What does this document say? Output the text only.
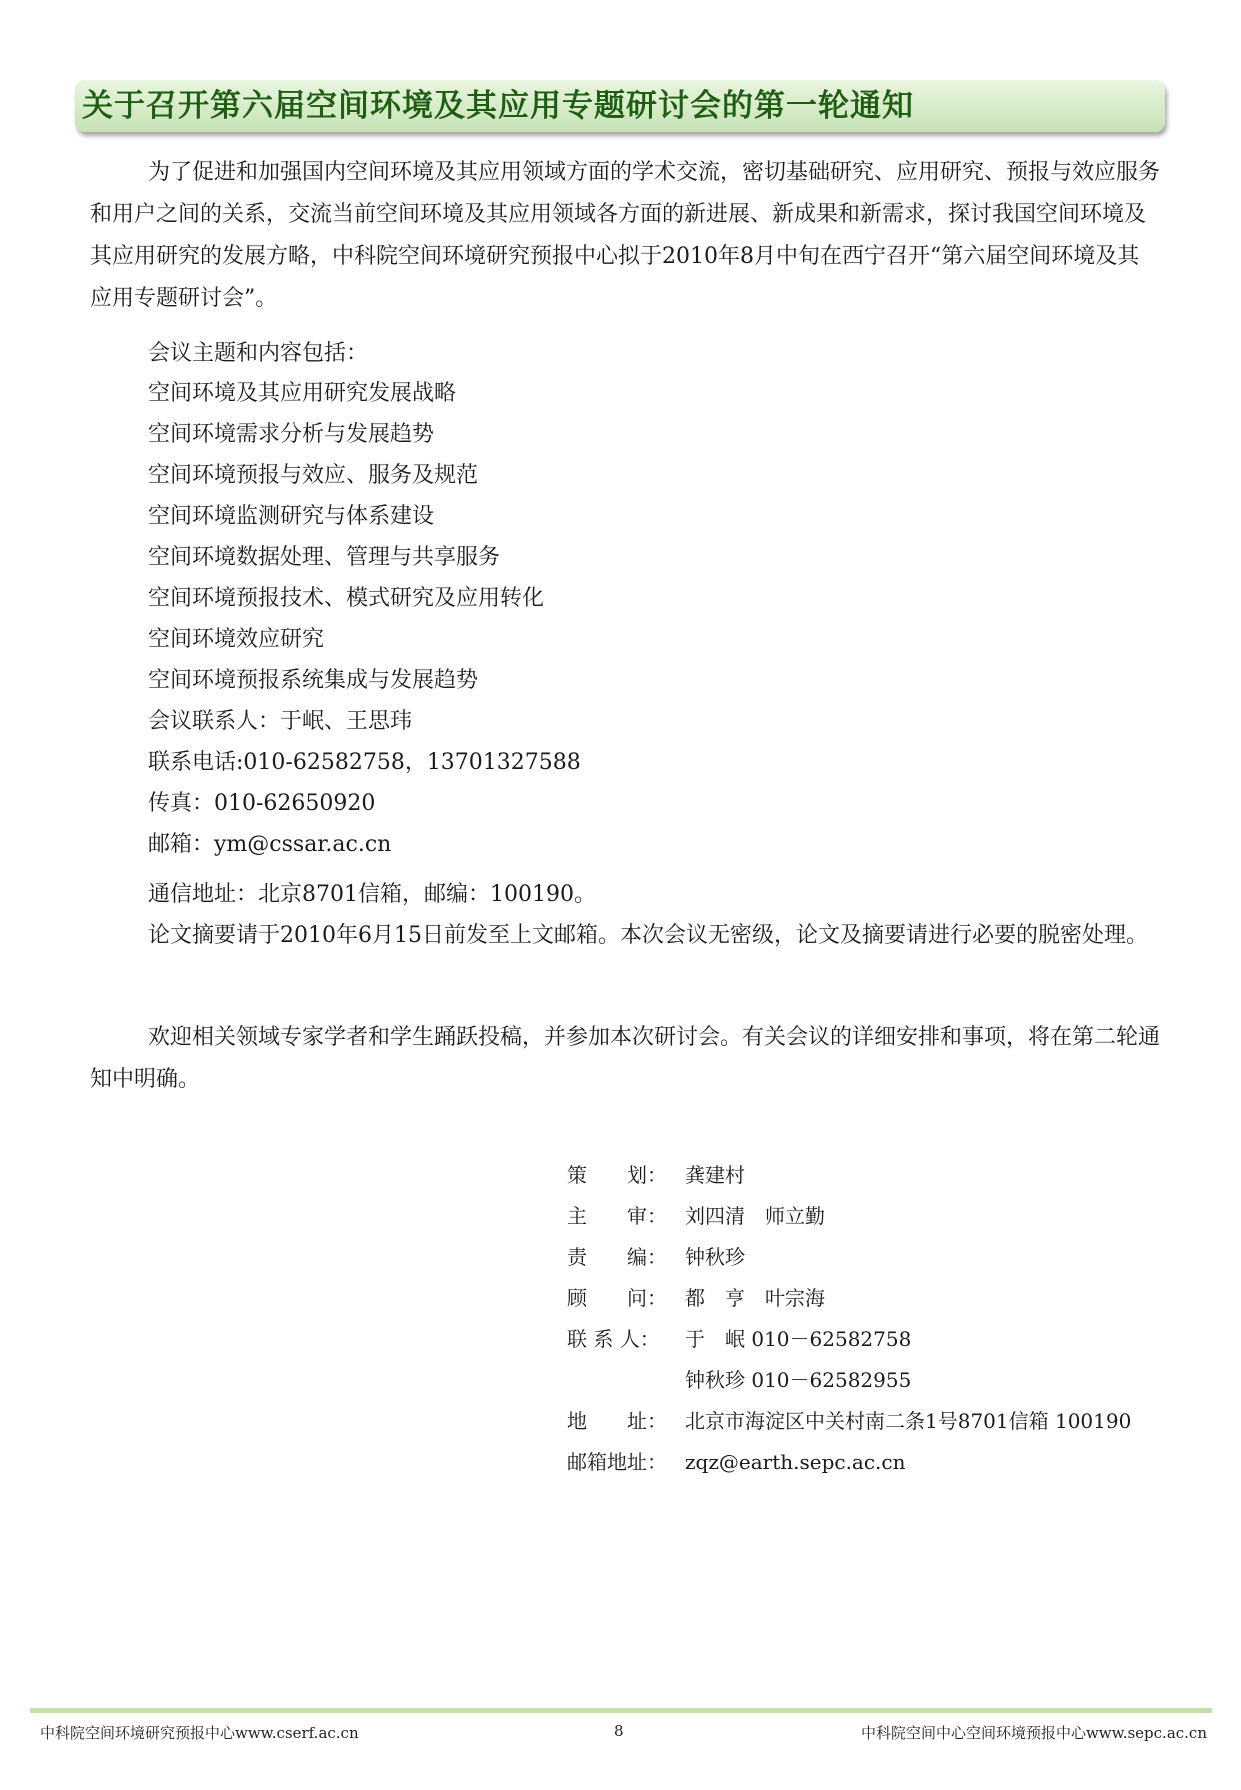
关于召开第六届空间环境及其应用专题研讨会的第一轮通知

为了促进和加强国内空间环境及其应用领域方面的学术交流，密切基础研究、应用研究、预报与效应服务和用户之间的关系，交流当前空间环境及其应用领域各方面的新进展、新成果和新需求，探讨我国空间环境及其应用研究的发展方略，中科院空间环境研究预报中心拟于2010年8月中旬在西宁召开“第六届空间环境及其应用专题研讨会”。

会议主题和内容包括：

空间环境及其应用研究发展战略

空间环境需求分析与发展趋势

空间环境预报与效应、服务及规范

空间环境监测研究与体系建设

空间环境数据处理、管理与共享服务

空间环境预报技术、模式研究及应用转化

空间环境效应研究

空间环境预报系统集成与发展趋势

会议联系人：于岷、王思玮

联系电话:010-62582758，13701327588

传真：010-62650920

邮箱：ym@cssar.ac.cn

通信地址：北京8701信箱，邮编：100190。

论文摘要请于2010年6月15日前发至上文邮箱。本次会议无密级，论文及摘要请进行必要的脱密处理。

欢迎相关领域专家学者和学生踊跃投稿，并参加本次研讨会。有关会议的详细安排和事项，将在第二轮通知中明确。

策　　划： 龚建村
主　　审： 刘四清　师立勤
责　　编： 钟秋珍
顾　　问： 都　亨　叶宗海
联 系 人： 于　岷 010－62582758
钟秋珍 010－62582955
地　　址： 北京市海淀区中关村南二条1号8701信箱 100190
邮箱地址： zqz@earth.sepc.ac.cn
中科院空间环境研究预报中心www.cserf.ac.cn	8	中科院空间中心空间环境预报中心www.sepc.ac.cn
